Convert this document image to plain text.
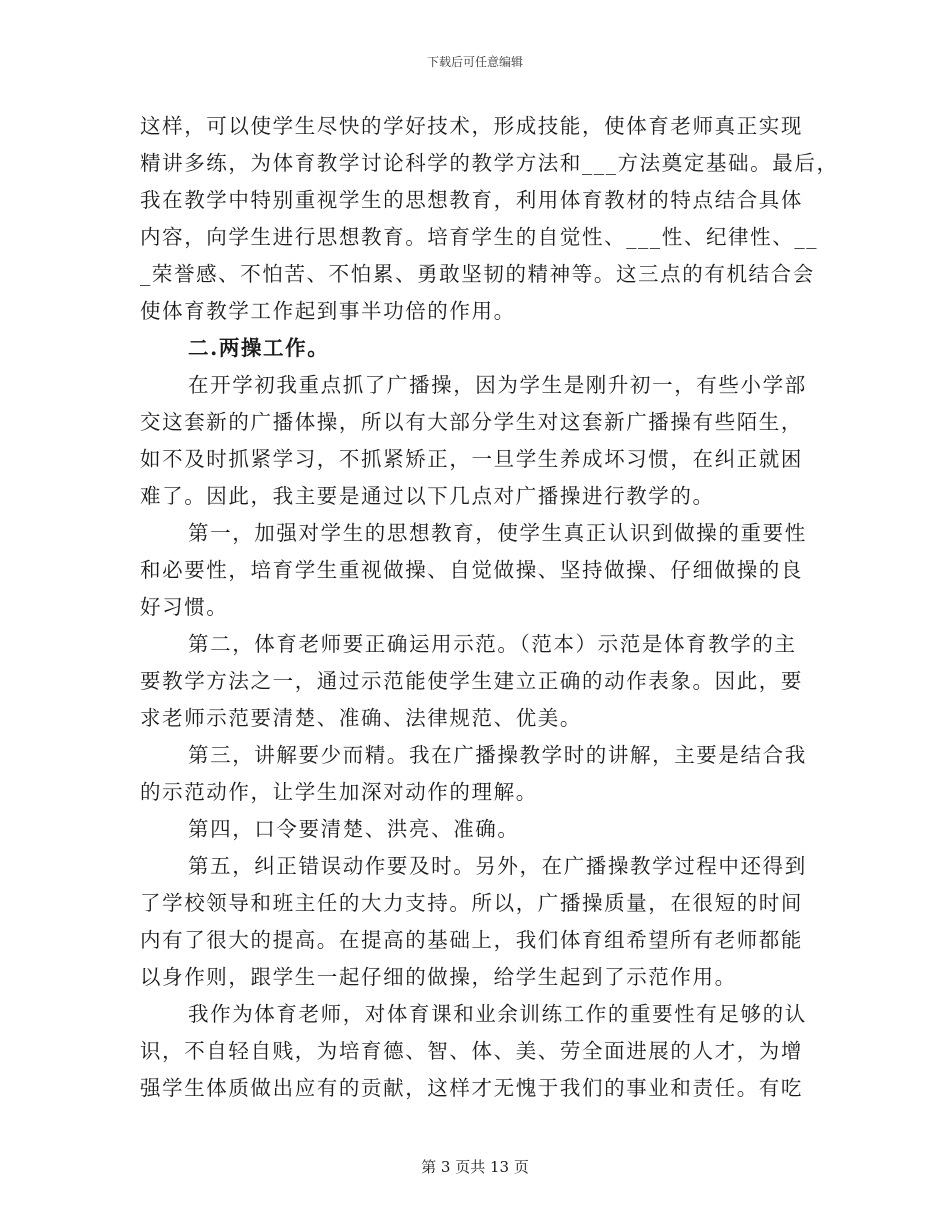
下载后可任意编辑
这样，可以使学生尽快的学好技术，形成技能，使体育老师真正实现
精讲多练，为体育教学讨论科学的教学方法和___方法奠定基础。最后，
我在教学中特别重视学生的思想教育，利用体育教材的特点结合具体
内容，向学生进行思想教育。培育学生的自觉性、___性、纪律性、__
_荣誉感、不怕苦、不怕累、勇敢坚韧的精神等。这三点的有机结合会
使体育教学工作起到事半功倍的作用。
二.两操工作。
在开学初我重点抓了广播操，因为学生是刚升初一，有些小学部
交这套新的广播体操，所以有大部分学生对这套新广播操有些陌生，
如不及时抓紧学习，不抓紧矫正，一旦学生养成坏习惯，在纠正就困
难了。因此，我主要是通过以下几点对广播操进行教学的。
第一，加强对学生的思想教育，使学生真正认识到做操的重要性
和必要性，培育学生重视做操、自觉做操、坚持做操、仔细做操的良
好习惯。
第二，体育老师要正确运用示范。（范本）示范是体育教学的主
要教学方法之一，通过示范能使学生建立正确的动作表象。因此，要
求老师示范要清楚、准确、法律规范、优美。
第三，讲解要少而精。我在广播操教学时的讲解，主要是结合我
的示范动作，让学生加深对动作的理解。
第四，口令要清楚、洪亮、准确。
第五，纠正错误动作要及时。另外，在广播操教学过程中还得到
了学校领导和班主任的大力支持。所以，广播操质量，在很短的时间
内有了很大的提高。在提高的基础上，我们体育组希望所有老师都能
以身作则，跟学生一起仔细的做操，给学生起到了示范作用。
我作为体育老师，对体育课和业余训练工作的重要性有足够的认
识，不自轻自贱，为培育德、智、体、美、劳全面进展的人才，为增
强学生体质做出应有的贡献，这样才无愧于我们的事业和责任。有吃
第 3 页共 13 页
